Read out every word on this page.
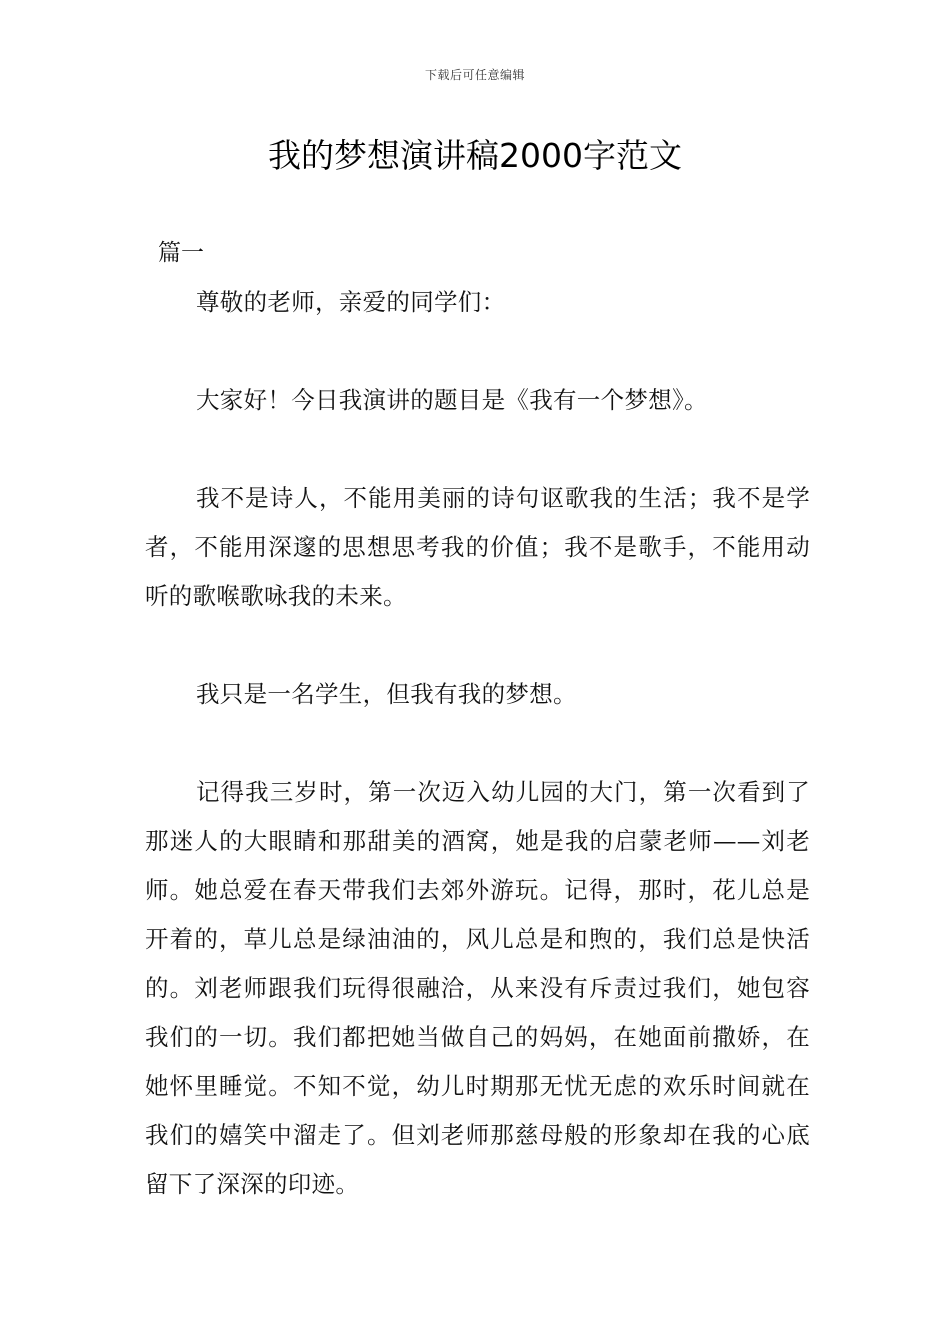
下载后可任意编辑
我的梦想演讲稿2000字范文

篇一

尊敬的老师，亲爱的同学们：

大家好！今日我演讲的题目是《我有一个梦想》。

我不是诗人，不能用美丽的诗句讴歌我的生活；我不是学者，不能用深邃的思想思考我的价值；我不是歌手，不能用动听的歌喉歌咏我的未来。

我只是一名学生，但我有我的梦想。

记得我三岁时，第一次迈入幼儿园的大门，第一次看到了那迷人的大眼睛和那甜美的酒窝，她是我的启蒙老师——刘老师。她总爱在春天带我们去郊外游玩。记得，那时，花儿总是开着的，草儿总是绿油油的，风儿总是和煦的，我们总是快活的。刘老师跟我们玩得很融洽，从来没有斥责过我们，她包容我们的一切。我们都把她当做自己的妈妈，在她面前撒娇，在她怀里睡觉。不知不觉，幼儿时期那无忧无虑的欢乐时间就在我们的嬉笑中溜走了。但刘老师那慈母般的形象却在我的心底留下了深深的印迹。
